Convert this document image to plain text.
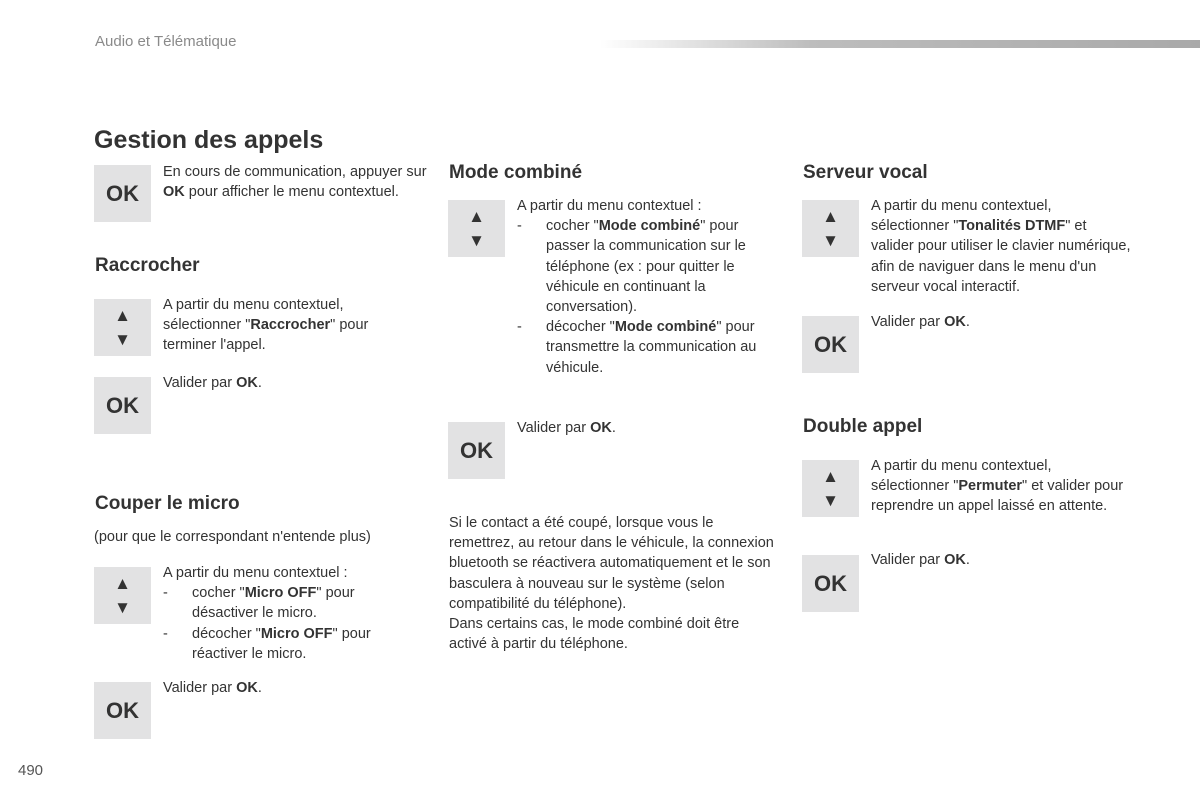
Audio et Télématique
490
Gestion des appels
OK
En cours de communication, appuyer sur OK pour afficher le menu contextuel.
Raccrocher
▲
▼
A partir du menu contextuel, sélectionner "Raccrocher" pour terminer l'appel.
OK
Valider par OK.
Couper le micro
(pour que le correspondant n'entende plus)
▲
▼
A partir du menu contextuel :
- cocher "Micro OFF" pour désactiver le micro.
- décocher "Micro OFF" pour réactiver le micro.
OK
Valider par OK.
Mode combiné
▲
▼
A partir du menu contextuel :
- cocher "Mode combiné" pour passer la communication sur le téléphone (ex : pour quitter le véhicule en continuant la conversation).
- décocher "Mode combiné" pour transmettre la communication au véhicule.
OK
Valider par OK.
Si le contact a été coupé, lorsque vous le remettrez, au retour dans le véhicule, la connexion bluetooth se réactivera automatiquement et le son basculera à nouveau sur le système (selon compatibilité du téléphone).
Dans certains cas, le mode combiné doit être activé à partir du téléphone.
Serveur vocal
▲
▼
A partir du menu contextuel, sélectionner "Tonalités DTMF" et valider pour utiliser le clavier numérique, afin de naviguer dans le menu d'un serveur vocal interactif.
OK
Valider par OK.
Double appel
▲
▼
A partir du menu contextuel, sélectionner "Permuter" et valider pour reprendre un appel laissé en attente.
OK
Valider par OK.
